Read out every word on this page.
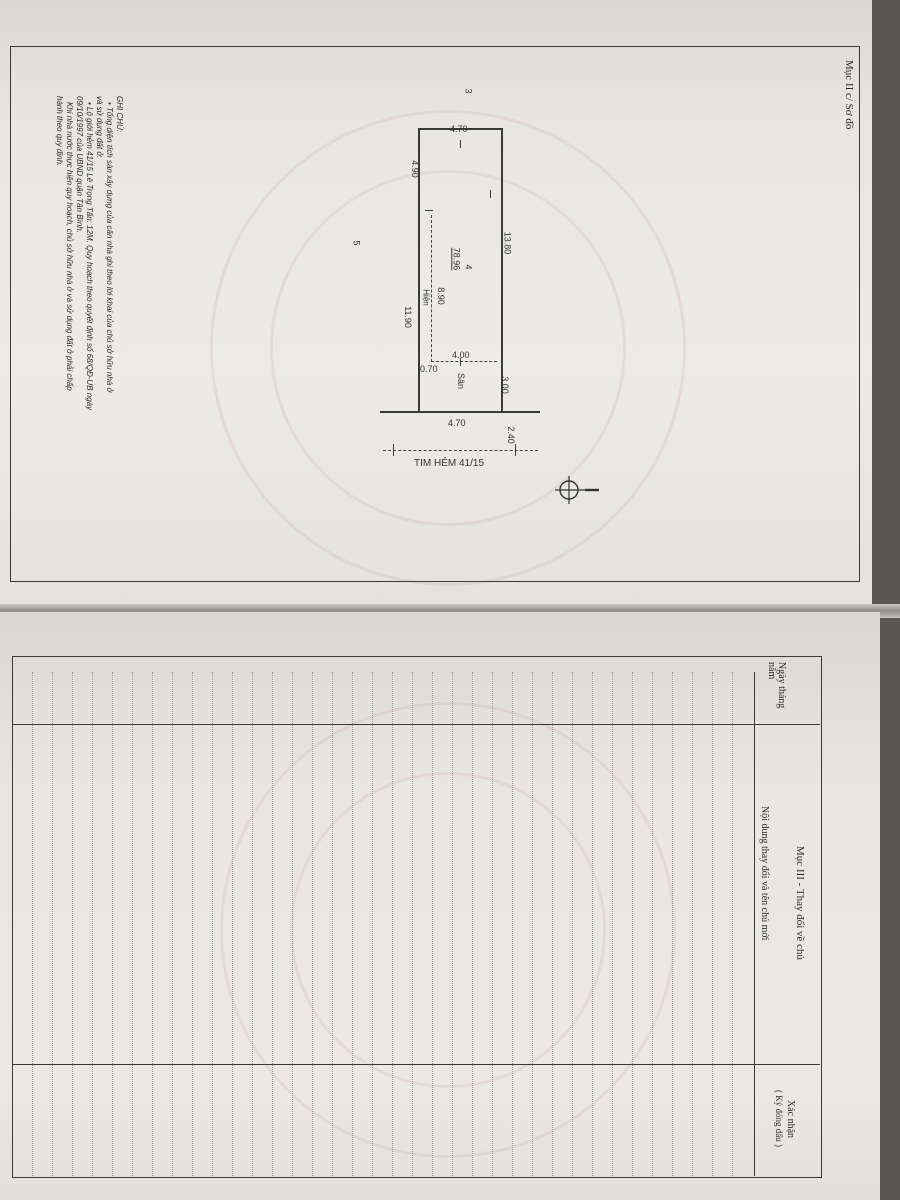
Mục II c/ Sơ đồ
GHI CHÚ:
• Tổng diện tích sàn xây dựng của căn nhà ghi theo lời khai của chủ sở hữu nhà ở
và sử dụng đất ở.
• Lộ giới hẻm 41/15 Lê Trọng Tấn: 12M. Quy hoạch theo quyết định số 68/QĐ-UB ngày
09/10/1997 của UBND quận Tân Bình.
Khi nhà nước thực hiện quy hoạch, chủ sở hữu nhà ở và sử dụng đất ở phải chấp
hành theo quy định.	4.70
4.70
4.90
13.80
4
78.96
8.90
Hiện
11.90
4.00
0.70
Sân	3.00
2.40
TIM HẺM 41/15
3
5
Mục III - Thay đổi về chủ
Ngày tháng năm
Nội dung thay đổi và tên chủ mới
Xác nhận
( Ký đóng dấu )
